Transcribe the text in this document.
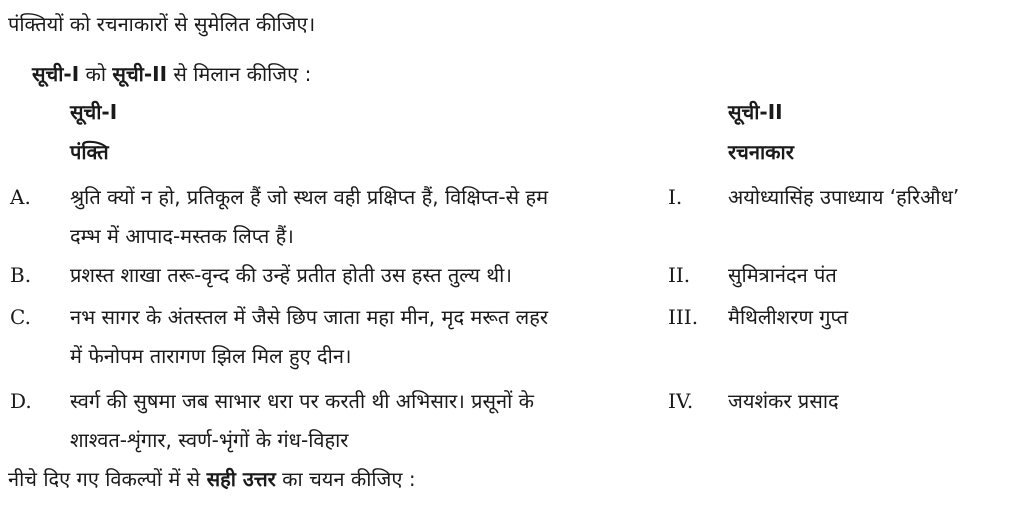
पंक्तियों को रचनाकारों से सुमेलित कीजिए।
सूची-I को सूची-II से मिलान कीजिए :
सूची-I
पंक्ति
सूची-II
रचनाकार
A. श्रुति क्यों न हो, प्रतिकूल हैं जो स्थल वही प्रक्षिप्त हैं, विक्षिप्त-से हम
दम्भ में आपाद-मस्तक लिप्त हैं।
I. अयोध्यासिंह उपाध्याय ‘हरिऔध’
B. प्रशस्त शाखा तरू-वृन्द की उन्हें प्रतीत होती उस हस्त तुल्य थी।	II. सुमित्रानंदन पंत
C. नभ सागर के अंतस्तल में जैसे छिप जाता महा मीन, मृद मरूत लहर
में फेनोपम तारागण झिल मिल हुए दीन।
III. मैथिलीशरण गुप्त
D. स्वर्ग की सुषमा जब साभार धरा पर करती थी अभिसार। प्रसूनों के
शाश्वत-शृंगार, स्वर्ण-भृंगों के गंध-विहार
IV. जयशंकर प्रसाद
नीचे दिए गए विकल्पों में से सही उत्तर का चयन कीजिए :
